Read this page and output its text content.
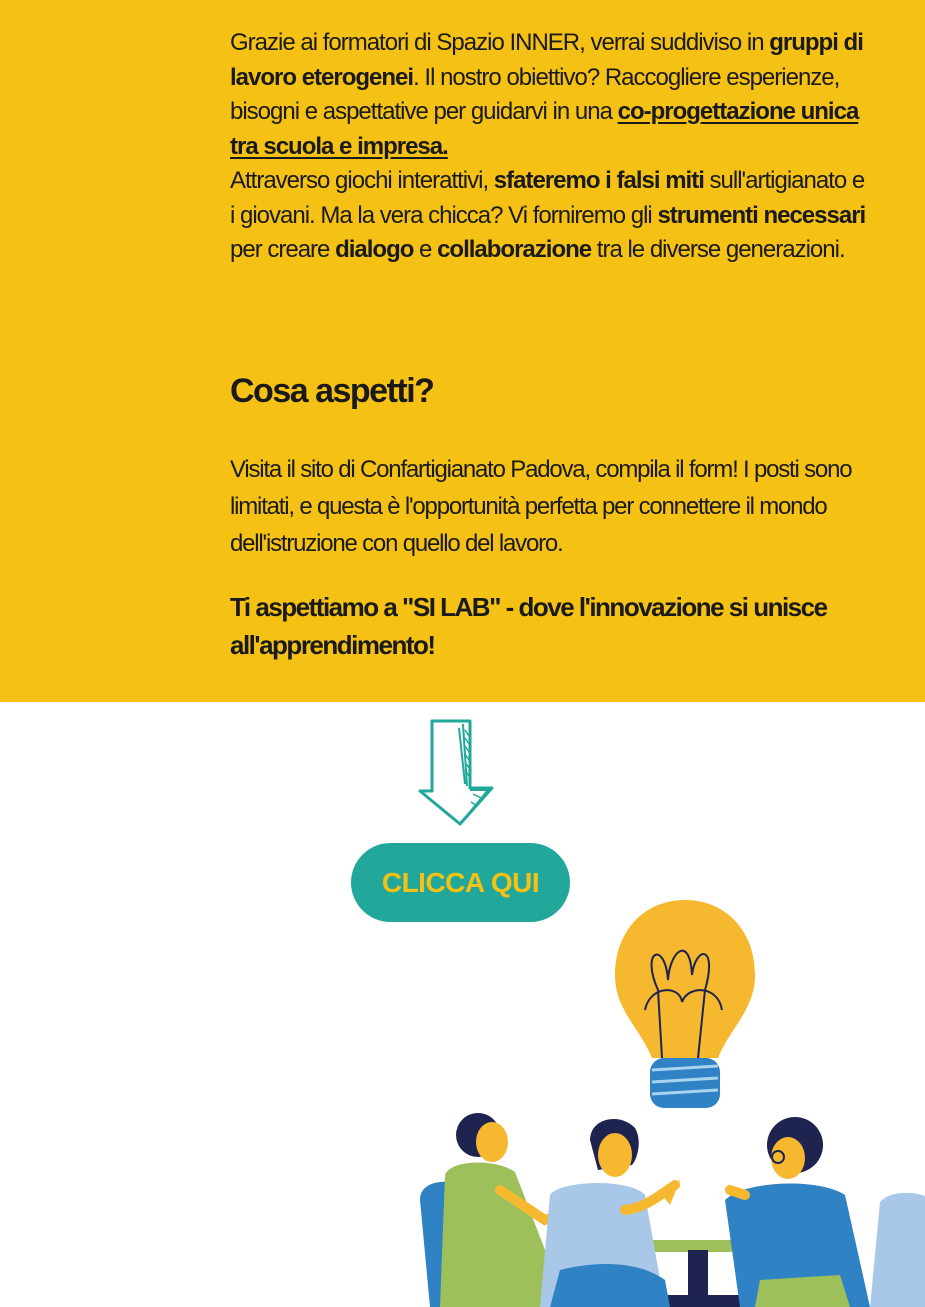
Grazie ai formatori di Spazio INNER, verrai suddiviso in gruppi di lavoro eterogenei. Il nostro obiettivo? Raccogliere esperienze, bisogni e aspettative per guidarvi in una co-progettazione unica tra scuola e impresa.

Attraverso giochi interattivi, sfateremo i falsi miti sull'artigianato e i giovani. Ma la vera chicca? Vi forniremo gli strumenti necessari per creare dialogo e collaborazione tra le diverse generazioni.

Cosa aspetti?

Visita il sito di Confartigianato Padova, compila il form! I posti sono limitati, e questa è l'opportunità perfetta per connettere il mondo dell'istruzione con quello del lavoro.

Ti aspettiamo a "SI LAB" - dove l'innovazione si unisce all'apprendimento!

CLICCA QUI
